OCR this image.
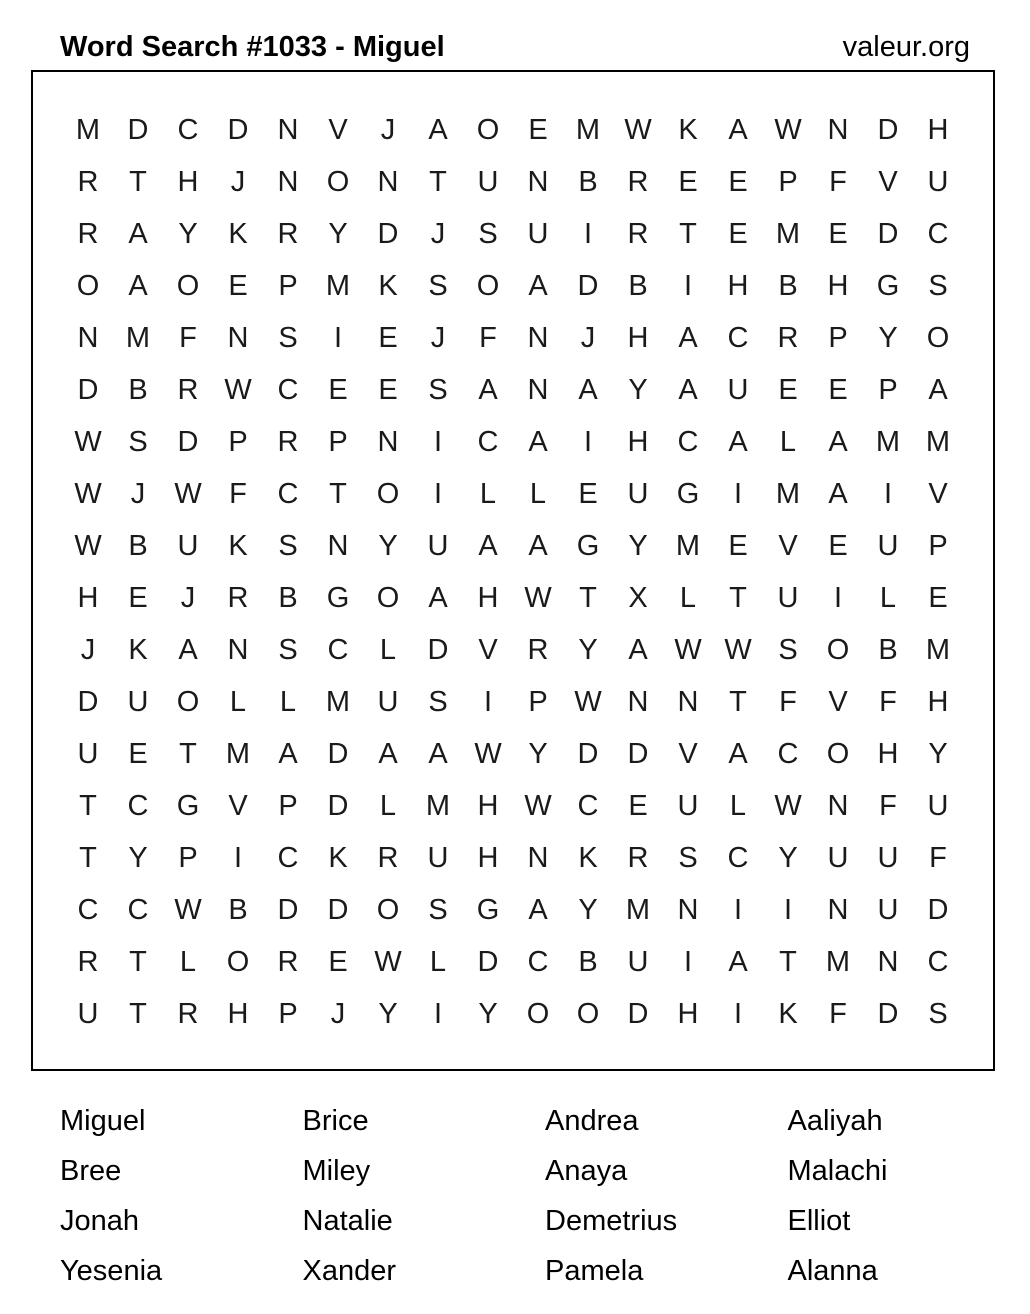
Word Search #1033 - Miguel	valeur.org
M D	C	D	N	V	J	A	O	E M W K	A W N	D	H
R	T	H	J	N O N	T	U	N	B	R	E	E	P	F	V	U
R	A	Y	K	R	Y	D	J	S	U	I	R	T	E M E	D	C
O	A	O	E	P M K	S	O	A	D	B	I	H	B	H G	S
N M	F	N	S	I	E	J	F	N	J	H	A	C	R	P	Y	O
D	B	R W C	E	E	S	A	N	A	Y	A	U	E	E	P	A
W S	D	P	R	P	N	I	C	A	I	H	C	A	L	A M M
W	J	W F	C	T	O	I	L	L	E	U G	I	M A	I	V
W B	U	K	S	N	Y	U	A	A	G	Y M E	V	E	U	P
H	E	J	R	B	G O	A	H W T	X	L	T	U	I	L	E
J	K	A	N	S	C	L	D	V	R	Y	A W W S	O	B M
D	U O	L	L	M U	S	I	P W N	N	T	F	V	F	H
U	E	T	M A	D	A	A W Y	D	D	V	A	C O H	Y
T	C G	V	P	D	L	M H W C	E	U	L W N	F	U
T	Y	P	I	C	K	R	U	H	N	K	R	S	C	Y	U	U	F
C	C W B	D	D O	S	G	A	Y M N	I	I	N	U	D
R	T	L	O R	E W L	D	C	B	U	I	A	T	M N	C
U	T	R	H	P	J	Y	I	Y	O O D	H	I	K	F	D	S
Miguel	Brice	Andrea	Aaliyah
Bree	Miley	Anaya	Malachi
Jonah	Natalie	Demetrius	Elliot
Yesenia	Xander	Pamela	Alanna
